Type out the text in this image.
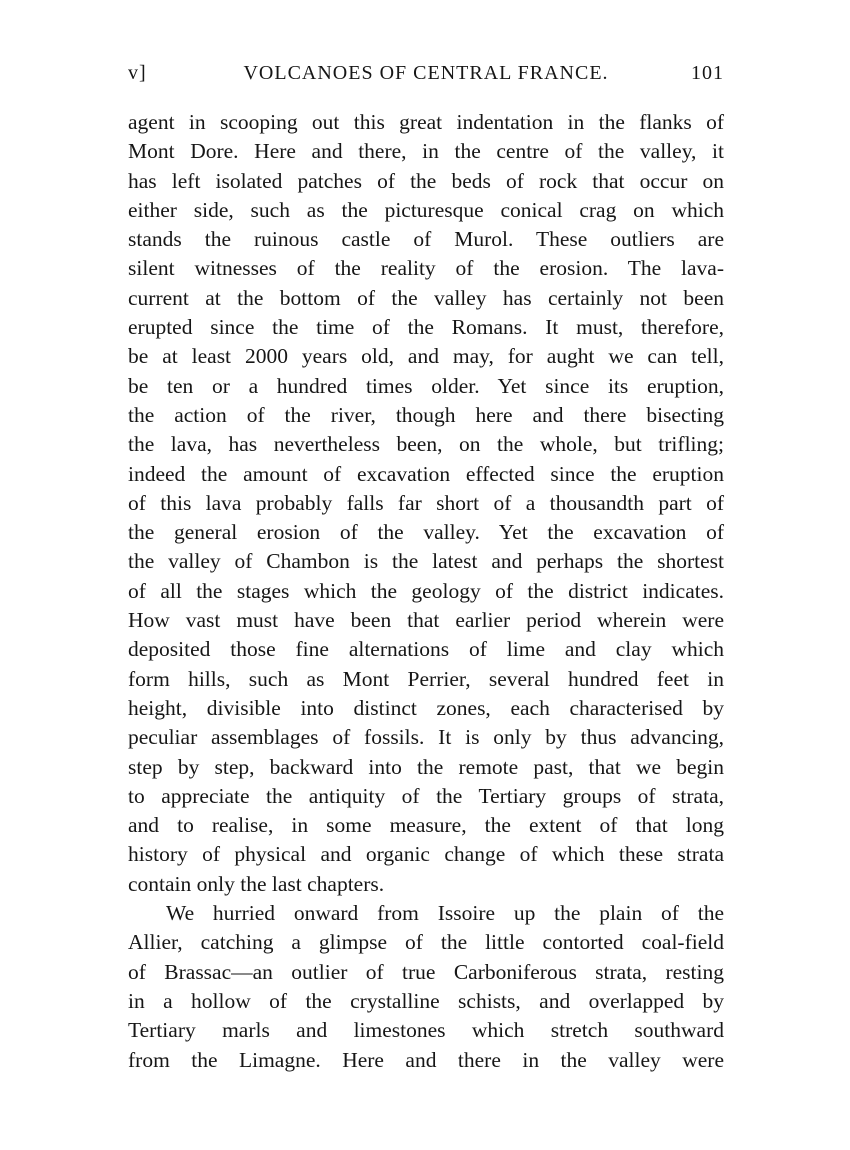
v]	VOLCANOES OF CENTRAL FRANCE.	101
agent in scooping out this great indentation in the flanks of
Mont Dore. Here and there, in the centre of the valley, it
has left isolated patches of the beds of rock that occur on
either side, such as the picturesque conical crag on which
stands the ruinous castle of Murol. These outliers are
silent witnesses of the reality of the erosion. The lava-
current at the bottom of the valley has certainly not been
erupted since the time of the Romans. It must, therefore,
be at least 2000 years old, and may, for aught we can tell,
be ten or a hundred times older. Yet since its eruption,
the action of the river, though here and there bisecting
the lava, has nevertheless been, on the whole, but trifling;
indeed the amount of excavation effected since the eruption
of this lava probably falls far short of a thousandth part of
the general erosion of the valley. Yet the excavation of
the valley of Chambon is the latest and perhaps the shortest
of all the stages which the geology of the district indicates.
How vast must have been that earlier period wherein were
deposited those fine alternations of lime and clay which
form hills, such as Mont Perrier, several hundred feet in
height, divisible into distinct zones, each characterised by
peculiar assemblages of fossils. It is only by thus advancing,
step by step, backward into the remote past, that we begin
to appreciate the antiquity of the Tertiary groups of strata,
and to realise, in some measure, the extent of that long
history of physical and organic change of which these strata
contain only the last chapters.
We hurried onward from Issoire up the plain of the
Allier, catching a glimpse of the little contorted coal-field
of Brassac—an outlier of true Carboniferous strata, resting
in a hollow of the crystalline schists, and overlapped by
Tertiary marls and limestones which stretch southward
from the Limagne. Here and there in the valley were
